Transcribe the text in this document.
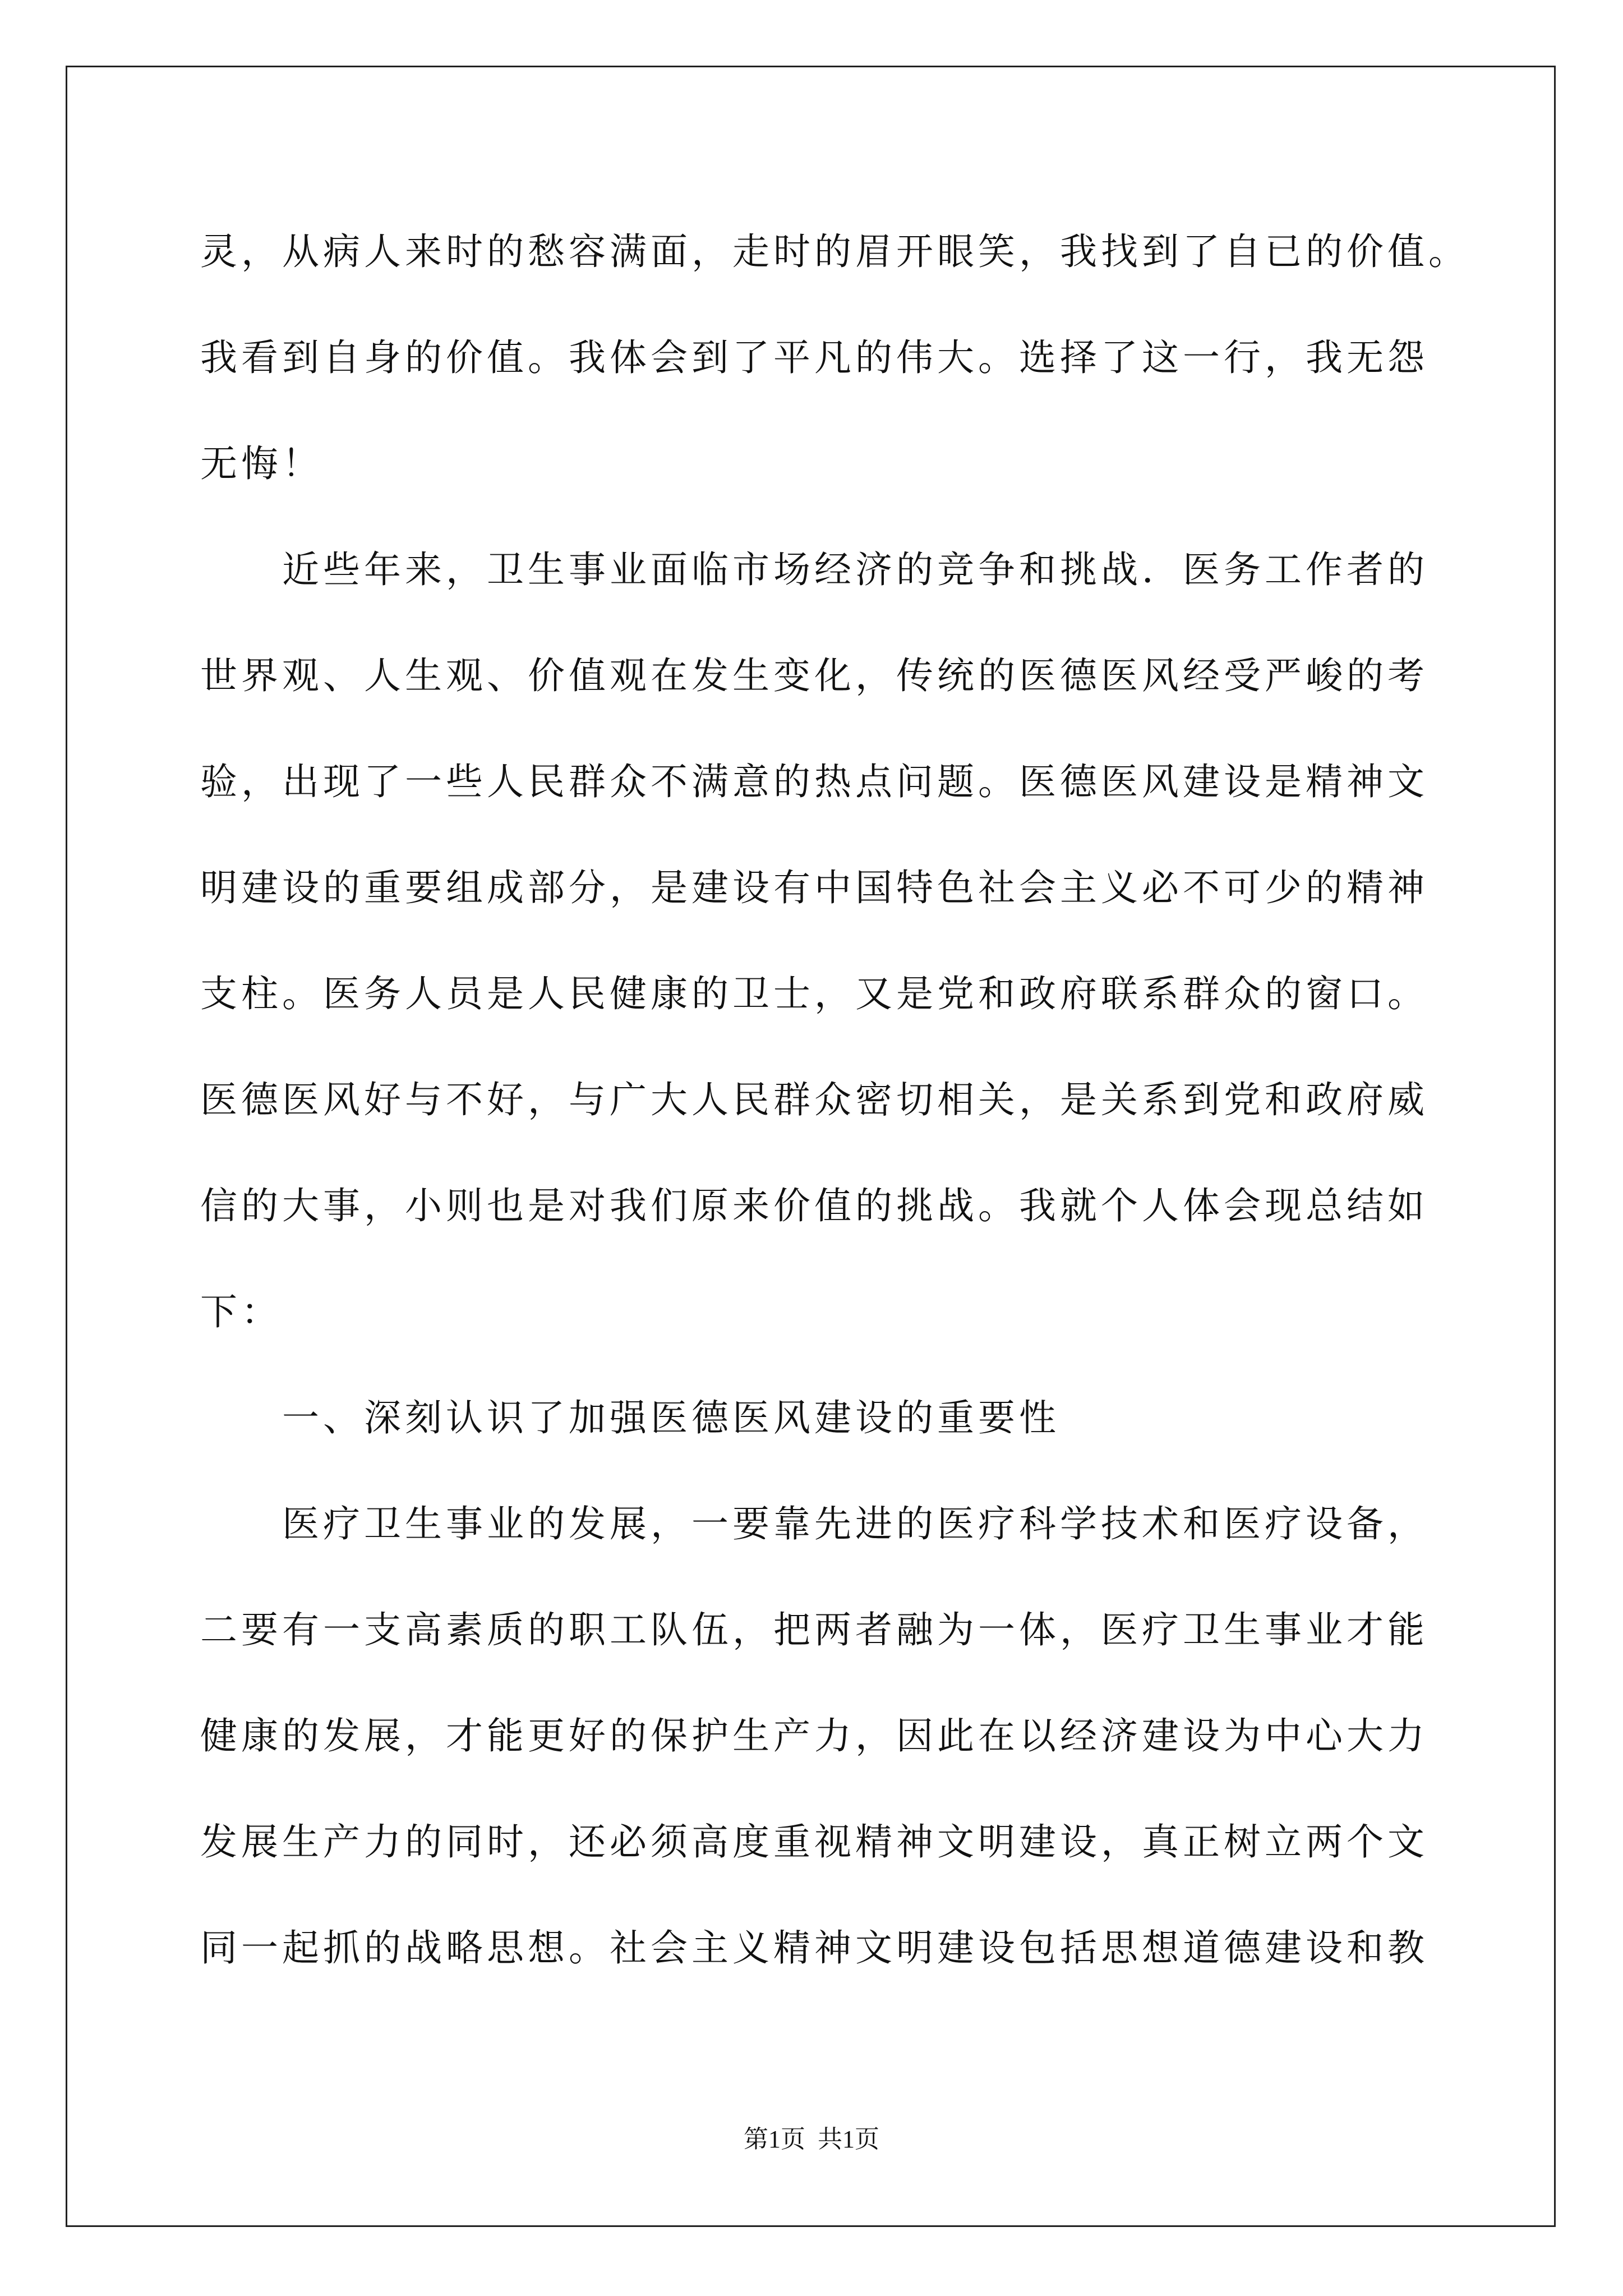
灵，从病人来时的愁容满面，走时的眉开眼笑，我找到了自已的价值。
我看到自身的价值。我体会到了平凡的伟大。选择了这一行，我无怨
无悔！
近些年来，卫生事业面临市场经济的竞争和挑战．医务工作者的
世界观、人生观、价值观在发生变化，传统的医德医风经受严峻的考
验，出现了一些人民群众不满意的热点问题。医德医风建设是精神文
明建设的重要组成部分，是建设有中国特色社会主义必不可少的精神
支柱。医务人员是人民健康的卫士，又是党和政府联系群众的窗口。
医德医风好与不好，与广大人民群众密切相关，是关系到党和政府威
信的大事，小则也是对我们原来价值的挑战。我就个人体会现总结如
下：
一、深刻认识了加强医德医风建设的重要性
医疗卫生事业的发展，一要靠先进的医疗科学技术和医疗设备，
二要有一支高素质的职工队伍，把两者融为一体，医疗卫生事业才能
健康的发展，才能更好的保护生产力，因此在以经济建设为中心大力
发展生产力的同时，还必须高度重视精神文明建设，真正树立两个文
同一起抓的战略思想。社会主义精神文明建设包括思想道德建设和教
第1页  共1页
